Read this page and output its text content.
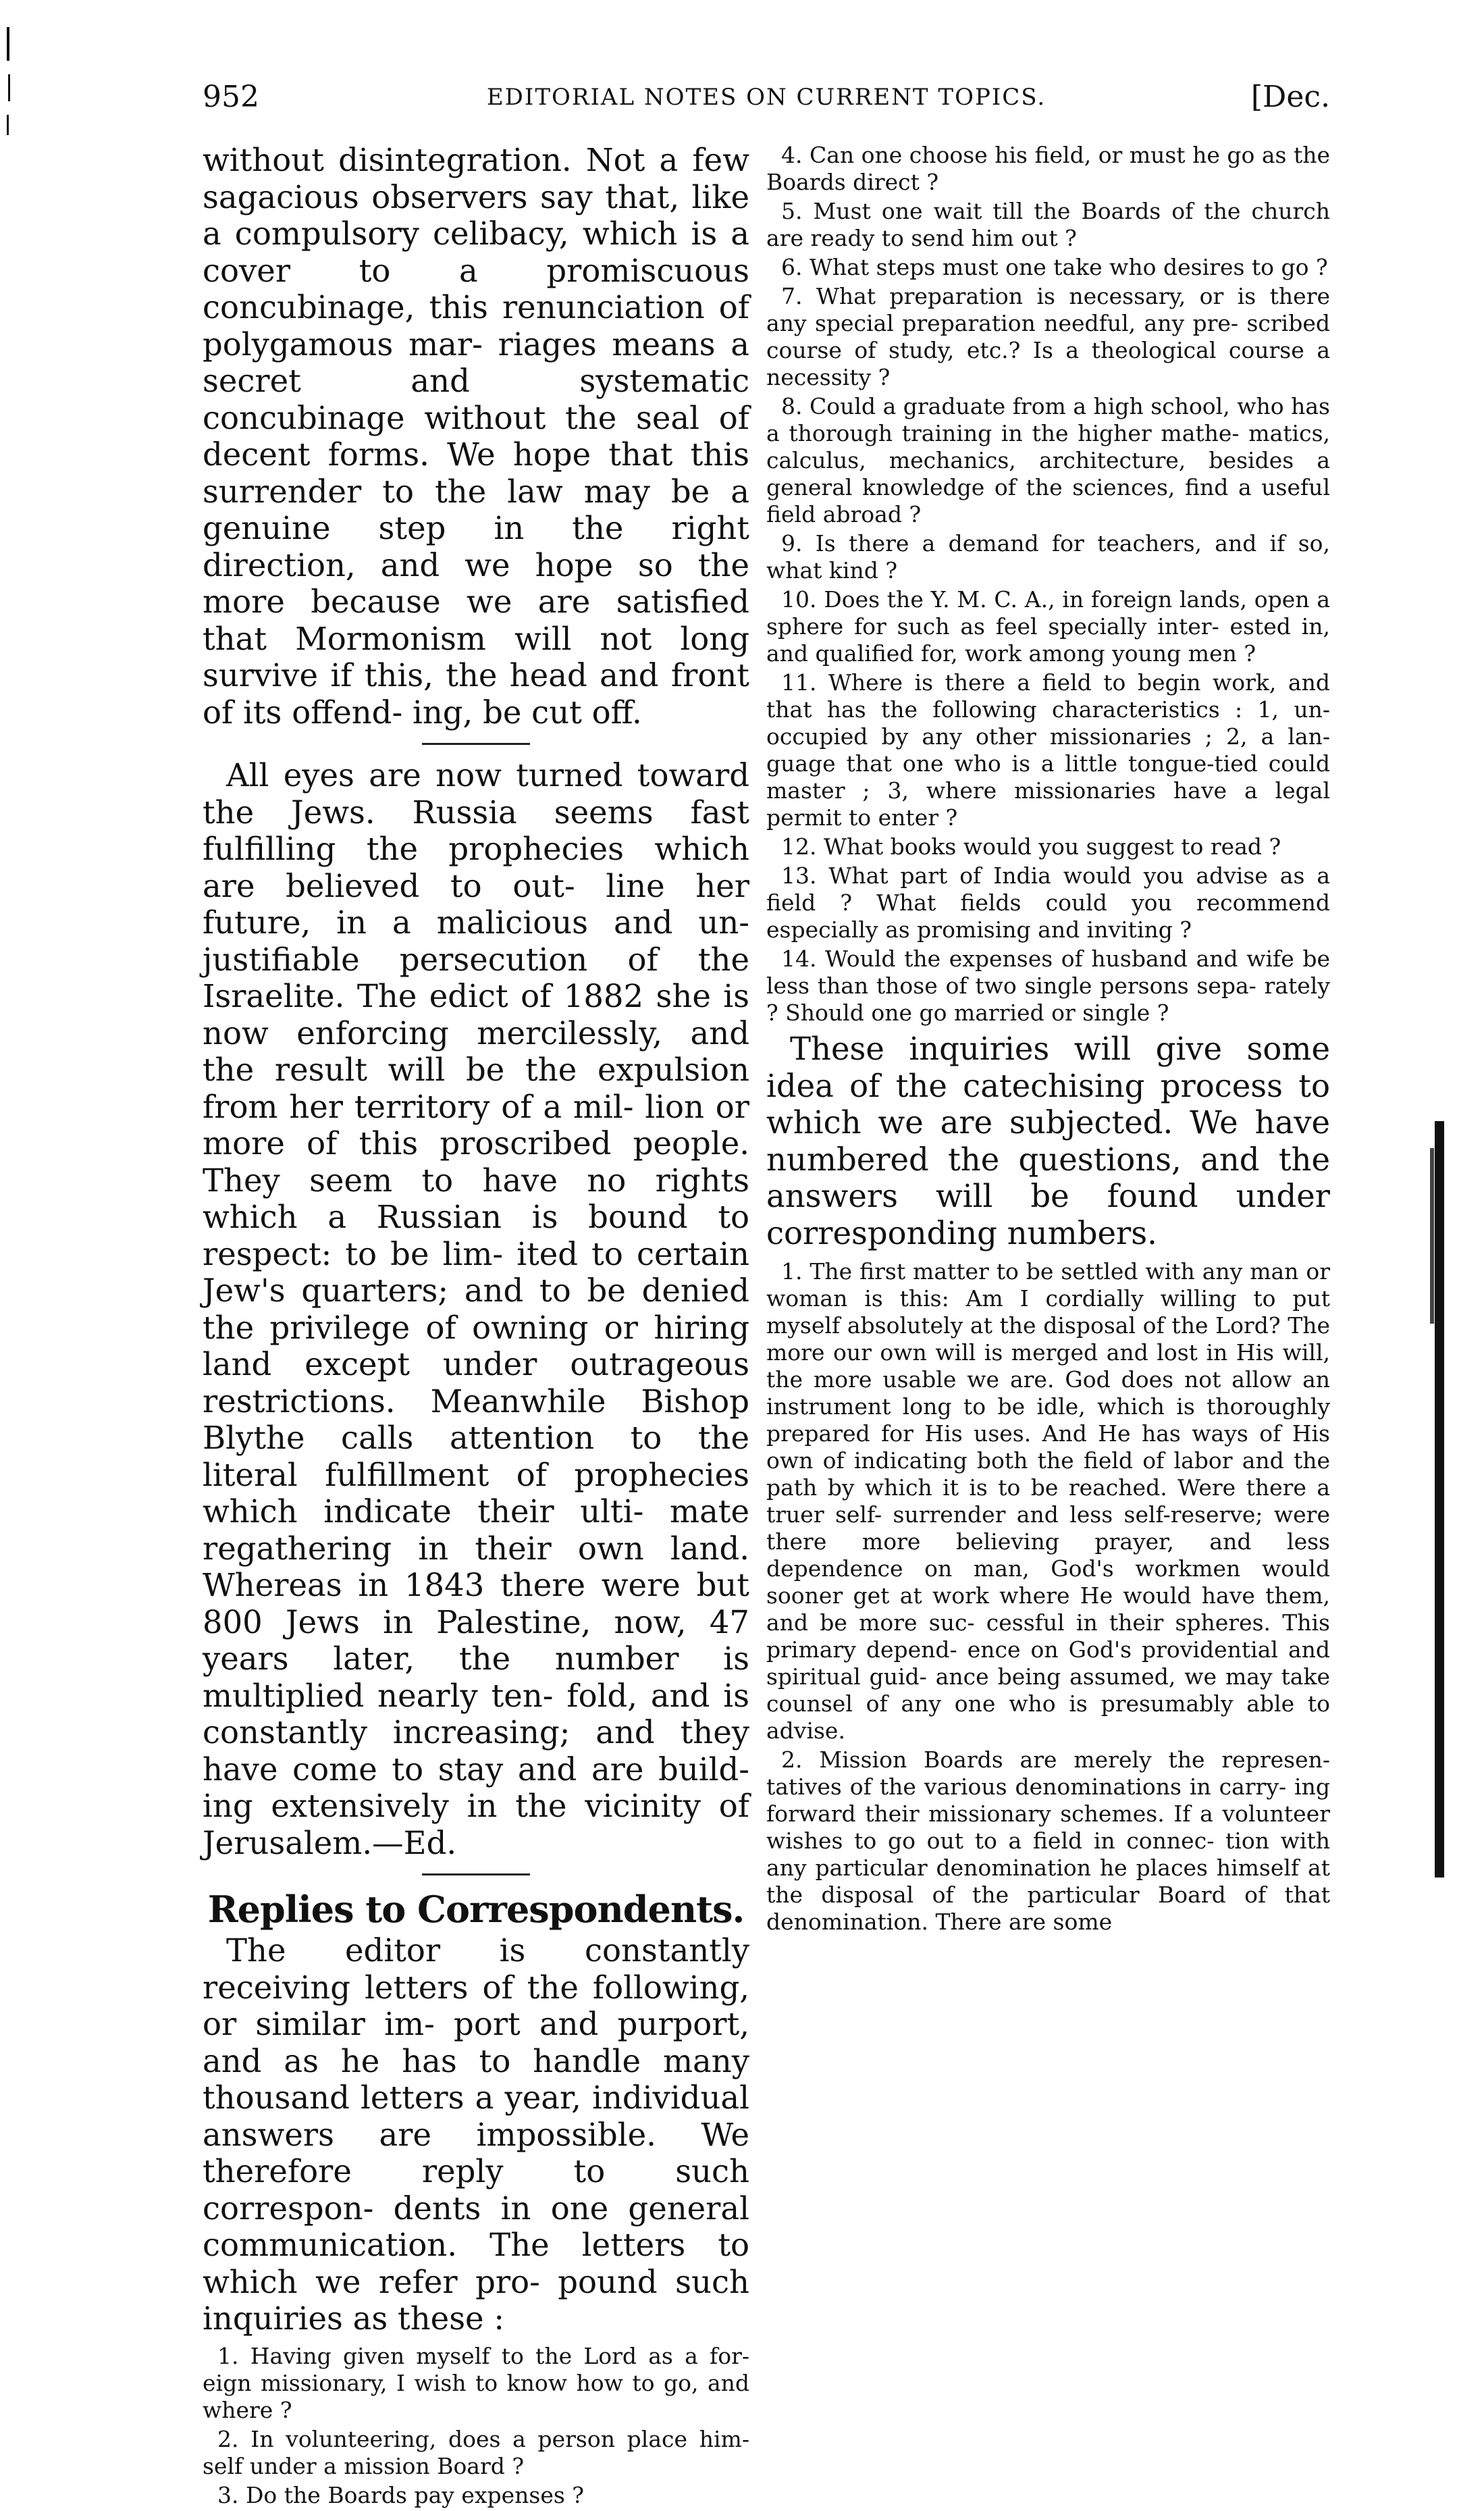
952	EDITORIAL NOTES ON CURRENT TOPICS.	[Dec.

without disintegration. Not a few sagacious observers say that, like a compulsory celibacy, which is a cover to a promiscuous concubinage, this renunciation of polygamous mar- riages means a secret and systematic concubinage without the seal of decent forms. We hope that this surrender to the law may be a genuine step in the right direction, and we hope so the more because we are satisfied that Mormonism will not long survive if this, the head and front of its offend- ing, be cut off.

All eyes are now turned toward the Jews. Russia seems fast fulfilling the prophecies which are believed to out- line her future, in a malicious and un- justifiable persecution of the Israelite. The edict of 1882 she is now enforcing mercilessly, and the result will be the expulsion from her territory of a mil- lion or more of this proscribed people. They seem to have no rights which a Russian is bound to respect: to be lim- ited to certain Jew's quarters; and to be denied the privilege of owning or hiring land except under outrageous restrictions. Meanwhile Bishop Blythe calls attention to the literal fulfillment of prophecies which indicate their ulti- mate regathering in their own land. Whereas in 1843 there were but 800 Jews in Palestine, now, 47 years later, the number is multiplied nearly ten- fold, and is constantly increasing; and they have come to stay and are build- ing extensively in the vicinity of Jerusalem.—Ed.

Replies to Correspondents.

The editor is constantly receiving letters of the following, or similar im- port and purport, and as he has to handle many thousand letters a year, individual answers are impossible. We therefore reply to such correspon- dents in one general communication. The letters to which we refer pro- pound such inquiries as these :

1. Having given myself to the Lord as a for- eign missionary, I wish to know how to go, and where ?

2. In volunteering, does a person place him- self under a mission Board ?

3. Do the Boards pay expenses ?

4. Can one choose his field, or must he go as the Boards direct ?

5. Must one wait till the Boards of the church are ready to send him out ?

6. What steps must one take who desires to go ?

7. What preparation is necessary, or is there any special preparation needful, any pre- scribed course of study, etc.? Is a theological course a necessity ?

8. Could a graduate from a high school, who has a thorough training in the higher mathe- matics, calculus, mechanics, architecture, besides a general knowledge of the sciences, find a useful field abroad ?

9. Is there a demand for teachers, and if so, what kind ?

10. Does the Y. M. C. A., in foreign lands, open a sphere for such as feel specially inter- ested in, and qualified for, work among young men ?

11. Where is there a field to begin work, and that has the following characteristics : 1, un- occupied by any other missionaries ; 2, a lan- guage that one who is a little tongue-tied could master ; 3, where missionaries have a legal permit to enter ?

12. What books would you suggest to read ?

13. What part of India would you advise as a field ? What fields could you recommend especially as promising and inviting ?

14. Would the expenses of husband and wife be less than those of two single persons sepa- rately ? Should one go married or single ?

These inquiries will give some idea of the catechising process to which we are subjected. We have numbered the questions, and the answers will be found under corresponding numbers.

1. The first matter to be settled with any man or woman is this: Am I cordially willing to put myself absolutely at the disposal of the Lord? The more our own will is merged and lost in His will, the more usable we are. God does not allow an instrument long to be idle, which is thoroughly prepared for His uses. And He has ways of His own of indicating both the field of labor and the path by which it is to be reached. Were there a truer self- surrender and less self-reserve; were there more believing prayer, and less dependence on man, God's workmen would sooner get at work where He would have them, and be more suc- cessful in their spheres. This primary depend- ence on God's providential and spiritual guid- ance being assumed, we may take counsel of any one who is presumably able to advise.

2. Mission Boards are merely the represen- tatives of the various denominations in carry- ing forward their missionary schemes. If a volunteer wishes to go out to a field in connec- tion with any particular denomination he places himself at the disposal of the particular Board of that denomination. There are some
